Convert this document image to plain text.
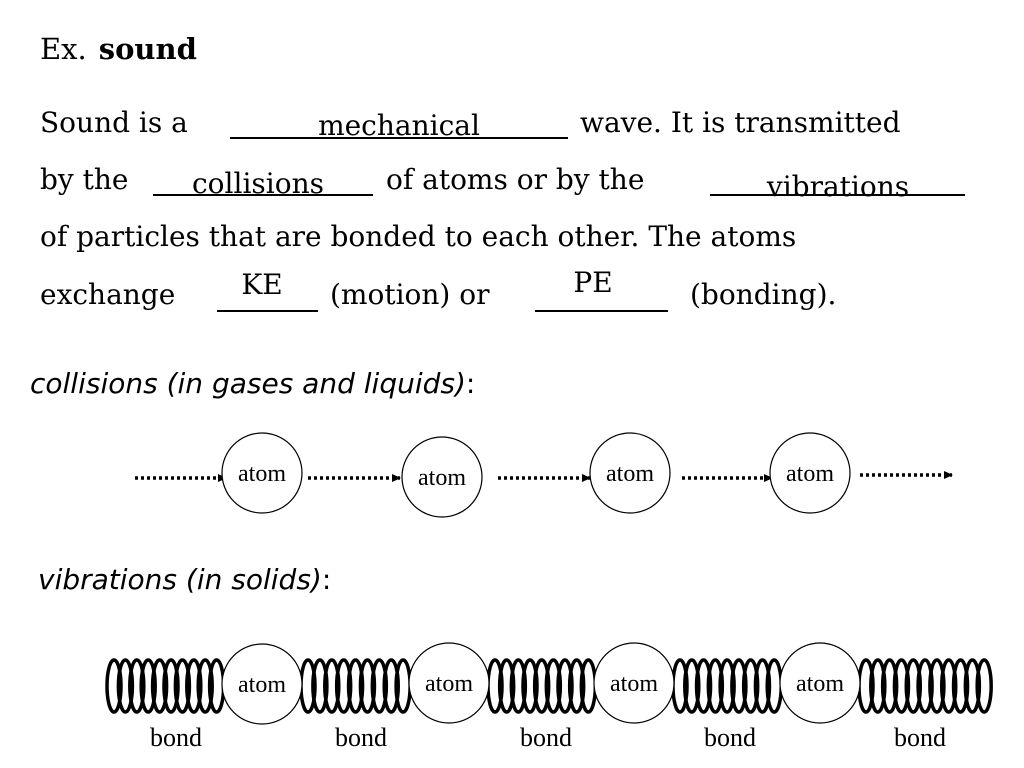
Ex. sound
Sound is a	mechanical	wave. It is transmitted
by the	collisions	of atoms or by the	vibrations
of particles that are bonded to each other. The atoms
exchange	KE	(motion) or	PE	(bonding).
collisions (in gases and liquids):
vibrations (in solids):
atom	atom	atom	atom
atom	atom	atom	atom
bond	bond	bond	bond	bond
